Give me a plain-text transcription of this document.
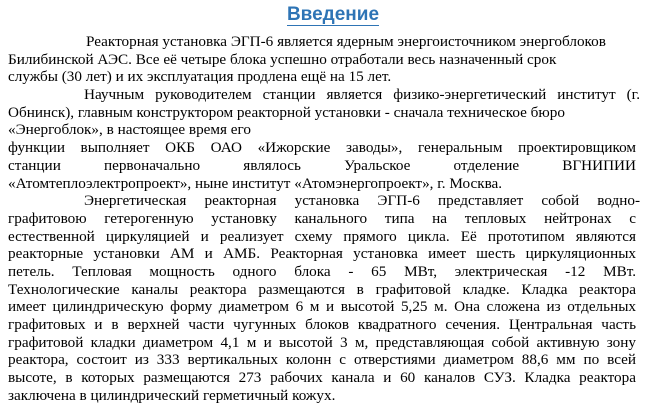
Введение
Реакторная установка ЭГП-6 является ядерным энергоисточником энергоблоков
Билибинской АЭС. Все её четыре блока успешно отработали весь назначенный срок
службы (30 лет) и их эксплуатация продлена ещё на 15 лет.
Научным руководителем станции является физико-энергетический институт (г.
Обнинск), главным конструктором реакторной установки - сначала техническое бюро
«Энергоблок», в настоящее время его
функции выполняет ОКБ ОАО «Ижорские заводы», генеральным проектировщиком
станции первоначально являлось Уральское отделение ВГНИПИИ
«Атомтеплоэлектропроект», ныне институт «Атомэнергопроект», г. Москва.
Энергетическая реакторная установка ЭГП-6 представляет собой водно-
графитовою гетерогенную установку канального типа на тепловых нейтронах с
естественной циркуляцией и реализует схему прямого цикла. Её прототипом являются
реакторные установки АМ и АМБ. Реакторная установка имеет шесть циркуляционных
петель. Тепловая мощность одного блока - 65 МВт, электрическая -12 МВт.
Технологические каналы реактора размещаются в графитовой кладке. Кладка реактора
имеет цилиндрическую форму диаметром 6 м и высотой 5,25 м. Она сложена из отдельных
графитовых и в верхней части чугунных блоков квадратного сечения. Центральная часть
графитовой кладки диаметром 4,1 м и высотой 3 м, представляющая собой активную зону
реактора, состоит из 333 вертикальных колонн с отверстиями диаметром 88,6 мм по всей
высоте, в которых размещаются 273 рабочих канала и 60 каналов СУЗ. Кладка реактора
заключена в цилиндрический герметичный кожух.
